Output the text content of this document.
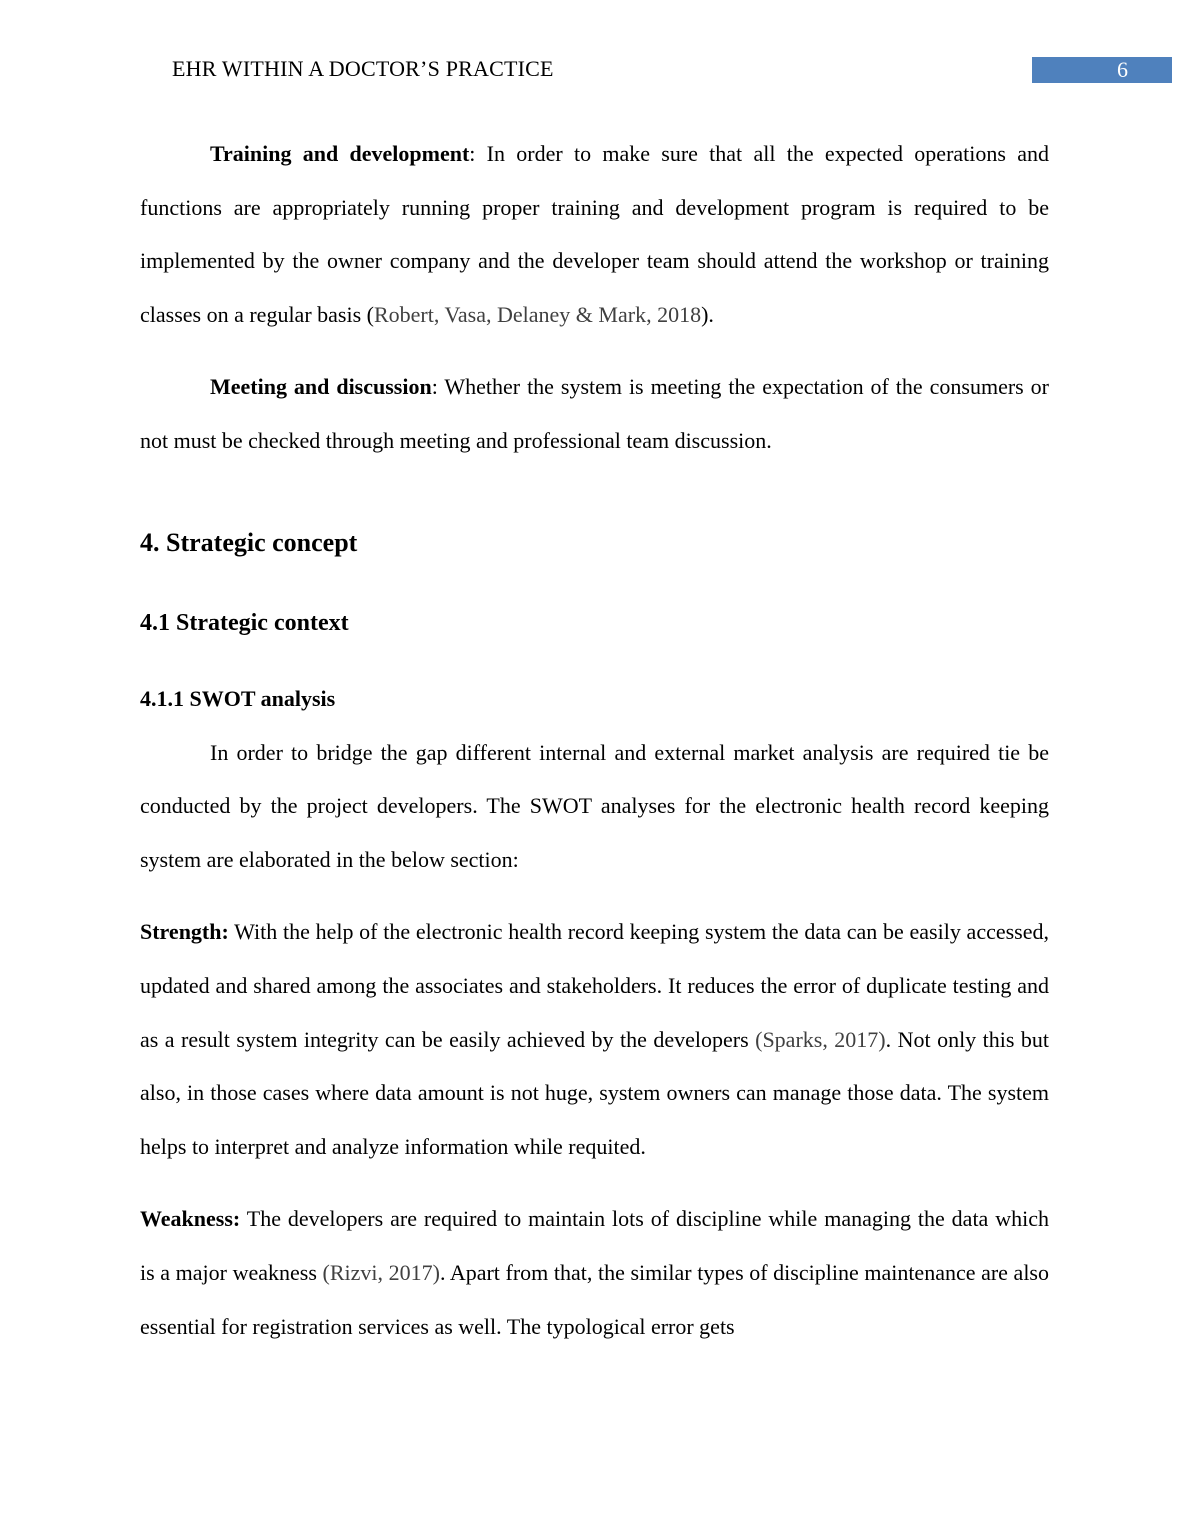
EHR WITHIN A DOCTOR’S PRACTICE	6

Training and development: In order to make sure that all the expected operations and functions are appropriately running proper training and development program is required to be implemented by the owner company and the developer team should attend the workshop or training classes on a regular basis (Robert, Vasa, Delaney & Mark, 2018).

Meeting and discussion: Whether the system is meeting the expectation of the consumers or not must be checked through meeting and professional team discussion.

4. Strategic concept
4.1 Strategic context
4.1.1 SWOT analysis

In order to bridge the gap different internal and external market analysis are required tie be conducted by the project developers. The SWOT analyses for the electronic health record keeping system are elaborated in the below section:

Strength: With the help of the electronic health record keeping system the data can be easily accessed, updated and shared among the associates and stakeholders. It reduces the error of duplicate testing and as a result system integrity can be easily achieved by the developers (Sparks, 2017). Not only this but also, in those cases where data amount is not huge, system owners can manage those data. The system helps to interpret and analyze information while requited.

Weakness: The developers are required to maintain lots of discipline while managing the data which is a major weakness (Rizvi, 2017). Apart from that, the similar types of discipline maintenance are also essential for registration services as well. The typological error gets
